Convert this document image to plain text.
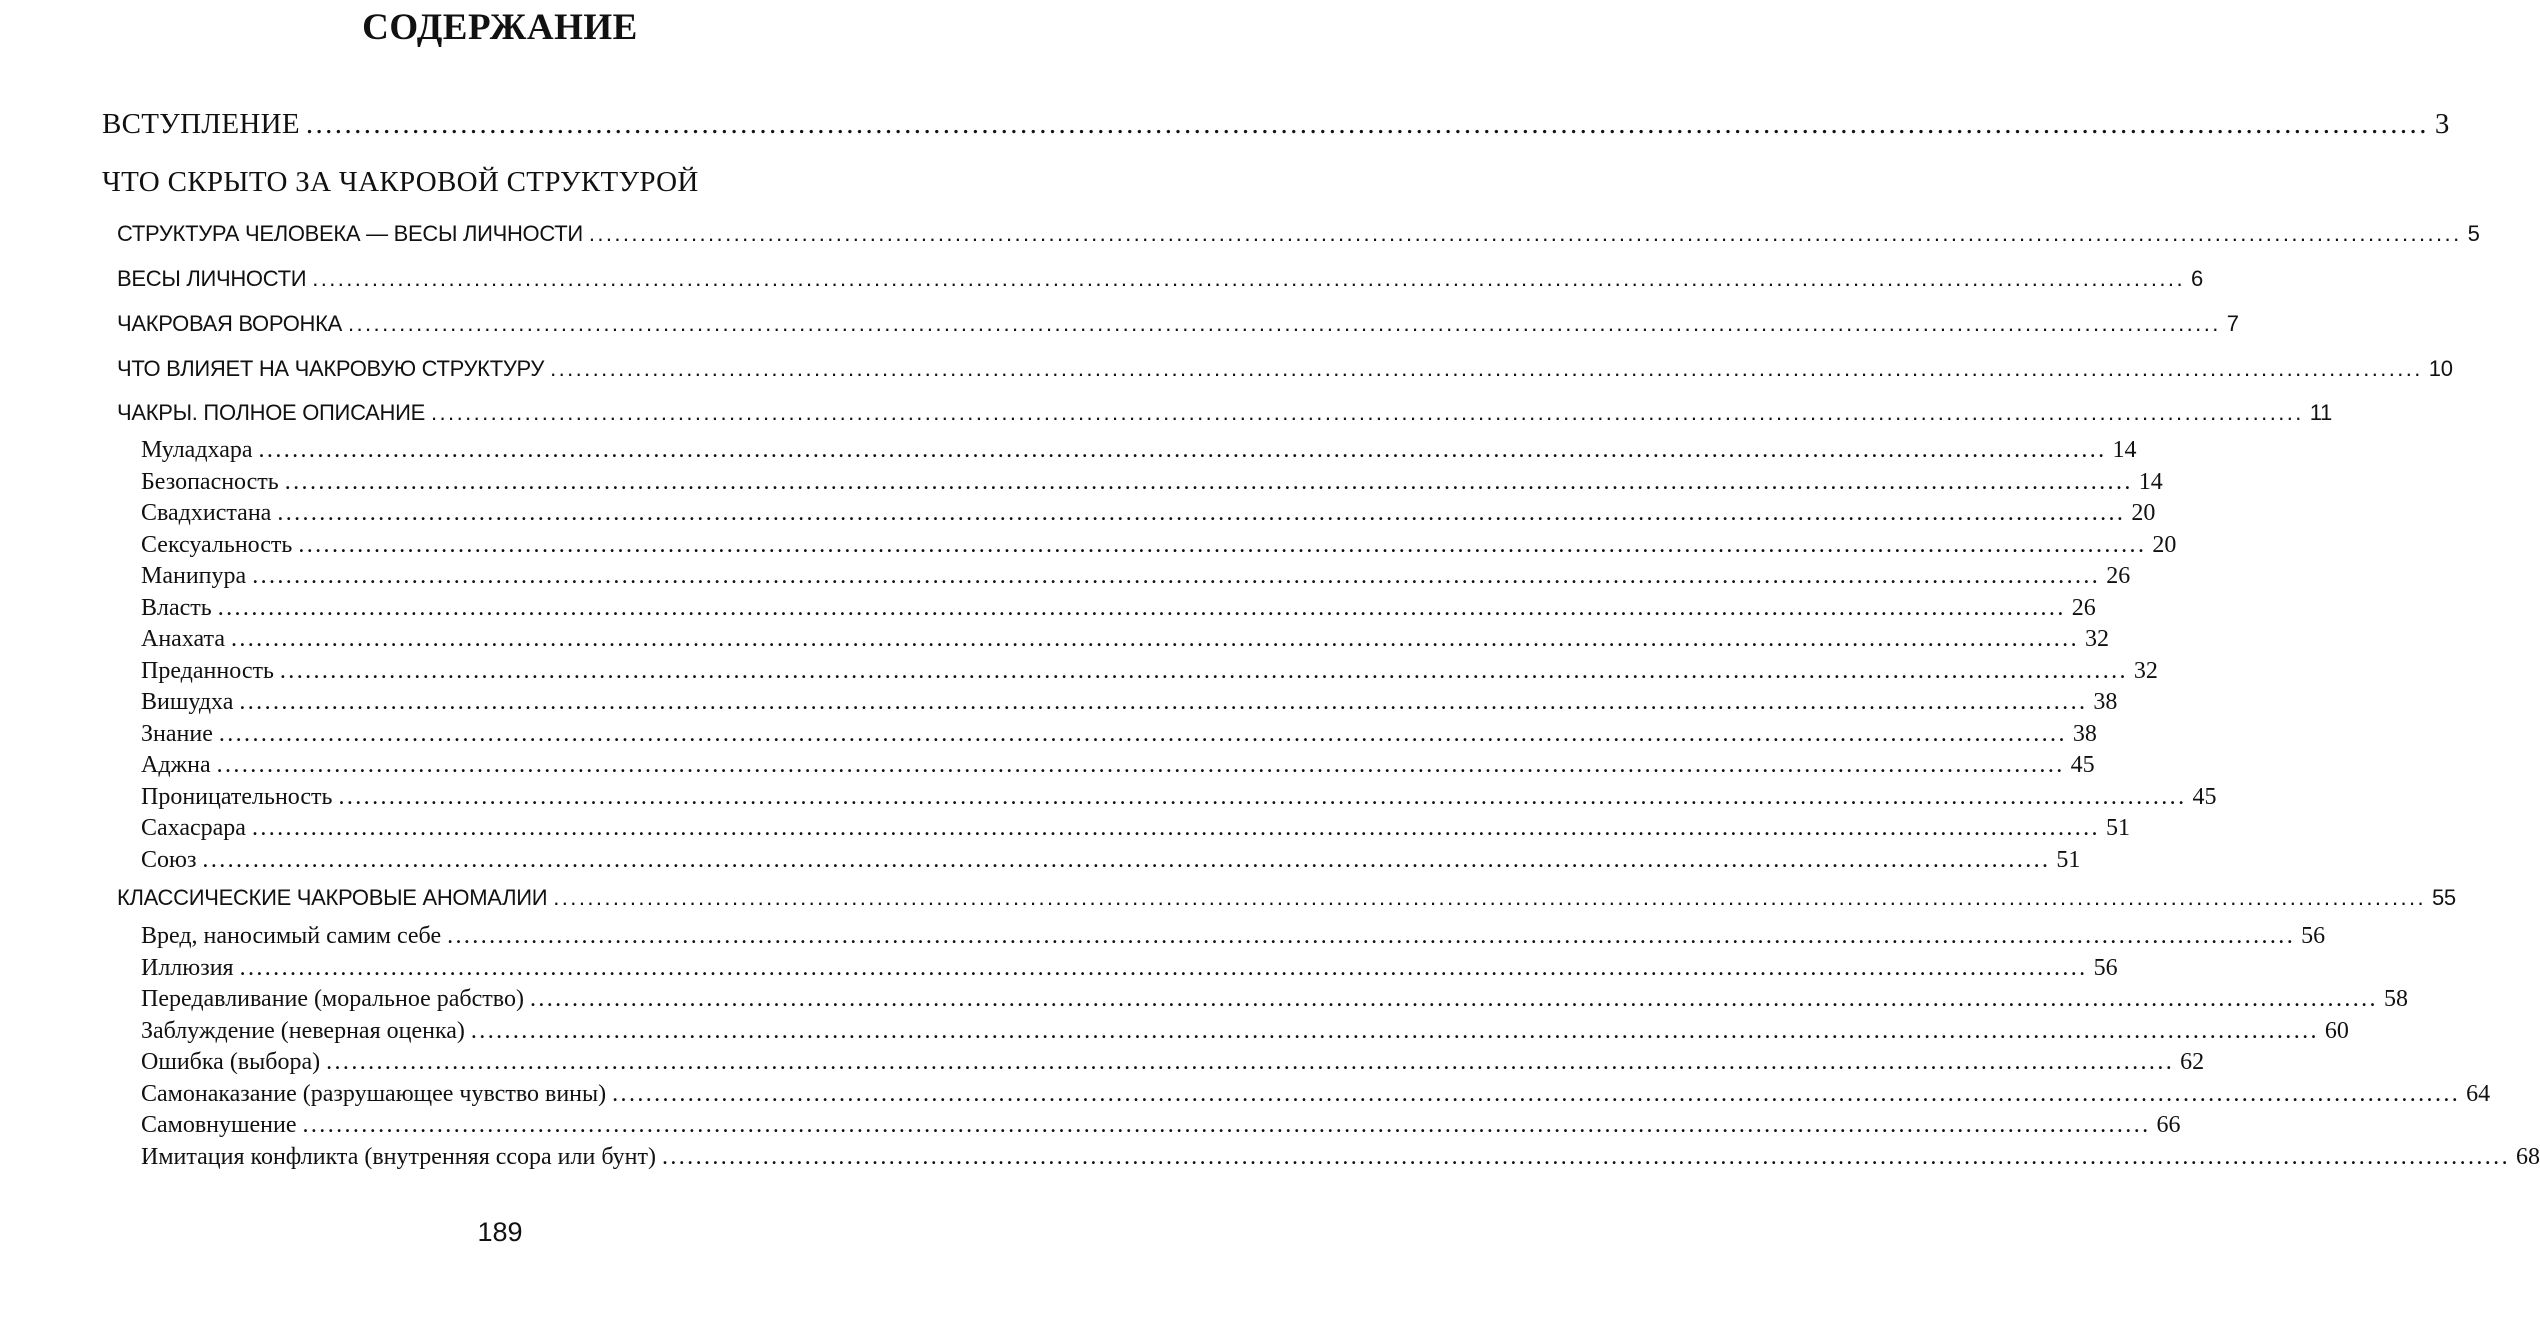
СОДЕРЖАНИЕ
ВСТУПЛЕНИЕ ............................................................................................................................................................................................................................ 3
ЧТО СКРЫТО ЗА ЧАКРОВОЙ СТРУКТУРОЙ
СТРУКТУРА ЧЕЛОВЕКА — ВЕСЫ ЛИЧНОСТИ ............................................................................................................................................................................................................................ 5
ВЕСЫ ЛИЧНОСТИ ............................................................................................................................................................................................................................ 6
ЧАКРОВАЯ ВОРОНКА ............................................................................................................................................................................................................................ 7
ЧТО ВЛИЯЕТ НА ЧАКРОВУЮ СТРУКТУРУ ............................................................................................................................................................................................................................ 10
ЧАКРЫ. ПОЛНОЕ ОПИСАНИЕ ............................................................................................................................................................................................................................ 11
Муладхара ............................................................................................................................................................................................................................ 14
Безопасность ............................................................................................................................................................................................................................ 14
Свадхистана ............................................................................................................................................................................................................................ 20
Сексуальность ............................................................................................................................................................................................................................ 20
Манипура ............................................................................................................................................................................................................................ 26
Власть ............................................................................................................................................................................................................................ 26
Анахата ............................................................................................................................................................................................................................ 32
Преданность ............................................................................................................................................................................................................................ 32
Вишудха ............................................................................................................................................................................................................................ 38
Знание ............................................................................................................................................................................................................................ 38
Аджна ............................................................................................................................................................................................................................ 45
Проницательность ............................................................................................................................................................................................................................ 45
Сахасрара ............................................................................................................................................................................................................................ 51
Союз ............................................................................................................................................................................................................................ 51
КЛАССИЧЕСКИЕ ЧАКРОВЫЕ АНОМАЛИИ ............................................................................................................................................................................................................................ 55
Вред, наносимый самим себе ............................................................................................................................................................................................................................ 56
Иллюзия ............................................................................................................................................................................................................................ 56
Передавливание (моральное рабство) ............................................................................................................................................................................................................................ 58
Заблуждение (неверная оценка) ............................................................................................................................................................................................................................ 60
Ошибка (выбора) ............................................................................................................................................................................................................................ 62
Самонаказание (разрушающее чувство вины) ............................................................................................................................................................................................................................ 64
Самовнушение ............................................................................................................................................................................................................................ 66
Имитация конфликта (внутренняя ссора или бунт) ............................................................................................................................................................................................................................ 68
189
